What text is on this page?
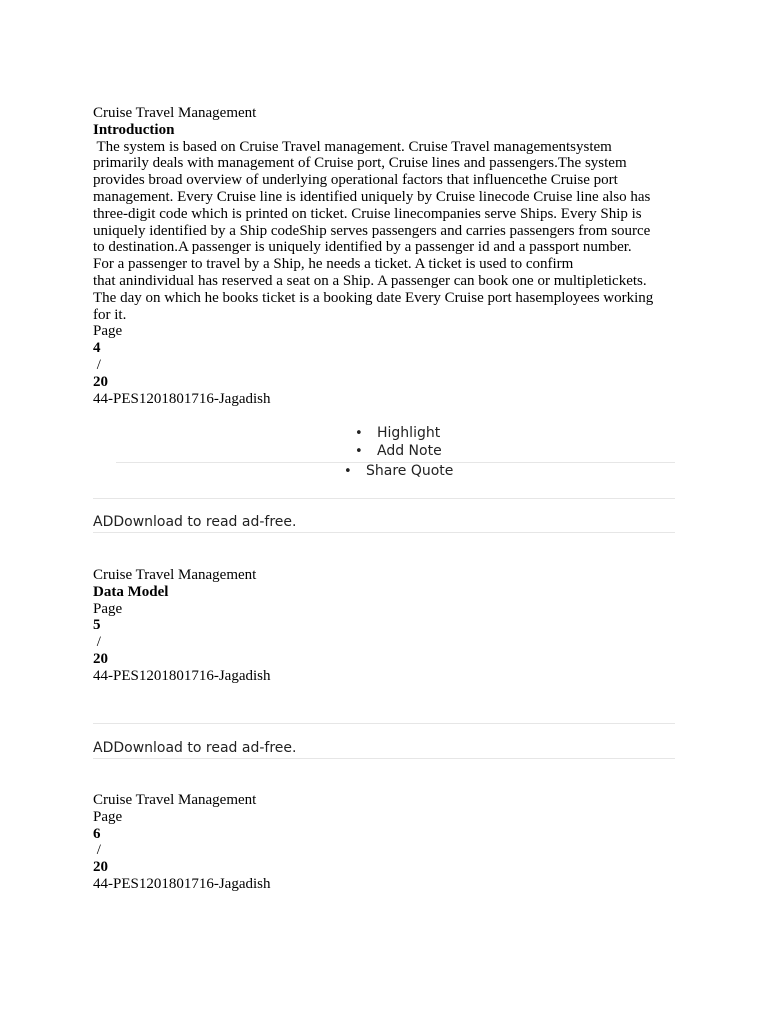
Cruise Travel Management
Introduction
The system is based on Cruise Travel management. Cruise Travel managementsystem
primarily deals with management of Cruise port, Cruise lines and passengers.The system
provides broad overview of underlying operational factors that influencethe Cruise port
management. Every Cruise line is identified uniquely by Cruise linecode Cruise line also has
three-digit code which is printed on ticket. Cruise linecompanies serve Ships. Every Ship is
uniquely identified by a Ship codeShip serves passengers and carries passengers from source
to destination.A passenger is uniquely identified by a passenger id and a passport number.
For a passenger to travel by a Ship, he needs a ticket. A ticket is used to confirm
that anindividual has reserved a seat on a Ship. A passenger can book one or multipletickets.
The day on which he books ticket is a booking date Every Cruise port hasemployees working
for it.
Page
4
/
20
44-PES1201801716-Jagadish
• Highlight
• Add Note
• Share Quote
ADDownload to read ad-free.
Cruise Travel Management
Data Model
Page
5
/
20
44-PES1201801716-Jagadish
ADDownload to read ad-free.
Cruise Travel Management
Page
6
/
20
44-PES1201801716-Jagadish
